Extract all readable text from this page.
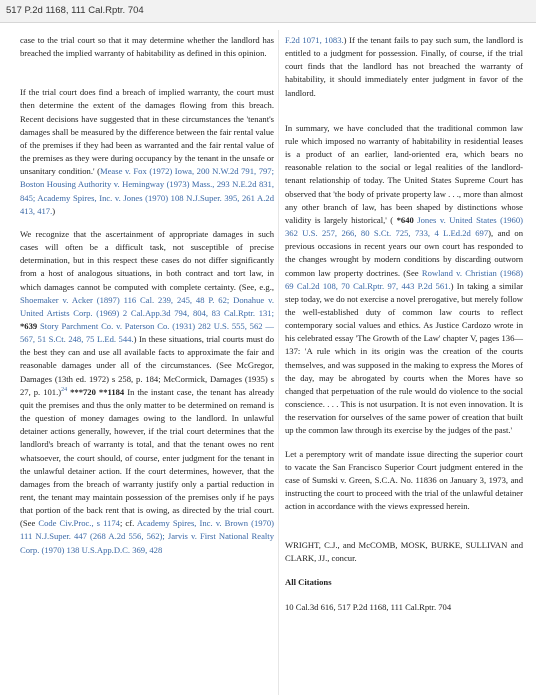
517 P.2d 1168, 111 Cal.Rptr. 704

case to the trial court so that it may determine whether the landlord has breached the implied warranty of habitability as defined in this opinion.

If the trial court does find a breach of implied warranty, the court must then determine the extent of the damages flowing from this breach. Recent decisions have suggested that in these circumstances the 'tenant's damages shall be measured by the difference between the fair rental value of the premises if they had been as warranted and the fair rental value of the premises as they were during occupancy by the tenant in the unsafe or unsanitary condition.' (Mease v. Fox (1972) Iowa, 200 N.W.2d 791, 797; Boston Housing Authority v. Hemingway (1973) Mass., 293 N.E.2d 831, 845; Academy Spires, Inc. v. Jones (1970) 108 N.J.Super. 395, 261 A.2d 413, 417.)

We recognize that the ascertainment of appropriate damages in such cases will often be a difficult task, not susceptible of precise determination, but in this respect these cases do not differ significantly from a host of analogous situations, in both contract and tort law, in which damages cannot be computed with complete certainty. (See, e.g., Shoemaker v. Acker (1897) 116 Cal. 239, 245, 48 P. 62; Donahue v. United Artists Corp. (1969) 2 Cal.App.3d 794, 804, 83 Cal.Rptr. 131; *639 Story Parchment Co. v. Paterson Co. (1931) 282 U.S. 555, 562 —567, 51 S.Ct. 248, 75 L.Ed. 544.) In these situations, trial courts must do the best they can and use all available facts to approximate the fair and reasonable damages under all of the circumstances. (See McGregor, Damages (13th ed. 1972) s 258, p. 184; McCormick, Damages (1935) s 27, p. 101.)$^{24}$ ***720 **1184 In the instant case, the tenant has already quit the premises and thus the only matter to be determined on remand is the question of money damages owing to the landlord. In unlawful detainer actions generally, however, if the trial court determines that the landlord's breach of warranty is total, and that the tenant owes no rent whatsoever, the court should, of course, enter judgment for the tenant in the unlawful detainer action. If the court determines, however, that the damages from the breach of warranty justify only a partial reduction in rent, the tenant may maintain possession of the premises only if he pays that portion of the back rent that is owing, as directed by the trial court. (See Code Civ.Proc., s 1174; cf. Academy Spires, Inc. v. Brown (1970) 111 N.J.Super. 447 (268 A.2d 556, 562); Jarvis v. First National Realty Corp. (1970) 138 U.S.App.D.C. 369, 428

F.2d 1071, 1083.) If the tenant fails to pay such sum, the landlord is entitled to a judgment for possession. Finally, of course, if the trial court finds that the landlord has not breached the warranty of habitability, it should immediately enter judgment in favor of the landlord.

In summary, we have concluded that the traditional common law rule which imposed no warranty of habitability in residential leases is a product of an earlier, land-oriented era, which bears no reasonable relation to the social or legal realities of the landlord-tenant relationship of today. The United States Supreme Court has observed that 'the body of private property law . . ., more than almost any other branch of law, has been shaped by distinctions whose validity is largely historical,' ( *640 Jones v. United States (1960) 362 U.S. 257, 266, 80 S.Ct. 725, 733, 4 L.Ed.2d 697), and on previous occasions in recent years our own court has responded to the changes wrought by modern conditions by discarding outworn common law property doctrines. (See Rowland v. Christian (1968) 69 Cal.2d 108, 70 Cal.Rptr. 97, 443 P.2d 561.) In taking a similar step today, we do not exercise a novel prerogative, but merely follow the well-established duty of common law courts to reflect contemporary social values and ethics. As Justice Cardozo wrote in his celebrated essay 'The Growth of the Law' chapter V, pages 136—137: 'A rule which in its origin was the creation of the courts themselves, and was supposed in the making to express the Mores of the day, may be abrogated by courts when the Mores have so changed that perpetuation of the rule would do violence to the social conscience. . . . This is not usurpation. It is not even innovation. It is the reservation for ourselves of the same power of creation that built up the common law through its exercise by the judges of the past.'

Let a peremptory writ of mandate issue directing the superior court to vacate the San Francisco Superior Court judgment entered in the case of Sumski v. Green, S.C.A. No. 11836 on January 3, 1973, and instructing the court to proceed with the trial of the unlawful detainer action in accordance with the views expressed herein.

WRIGHT, C.J., and McCOMB, MOSK, BURKE, SULLIVAN and CLARK, JJ., concur.

All Citations

10 Cal.3d 616, 517 P.2d 1168, 111 Cal.Rptr. 704
